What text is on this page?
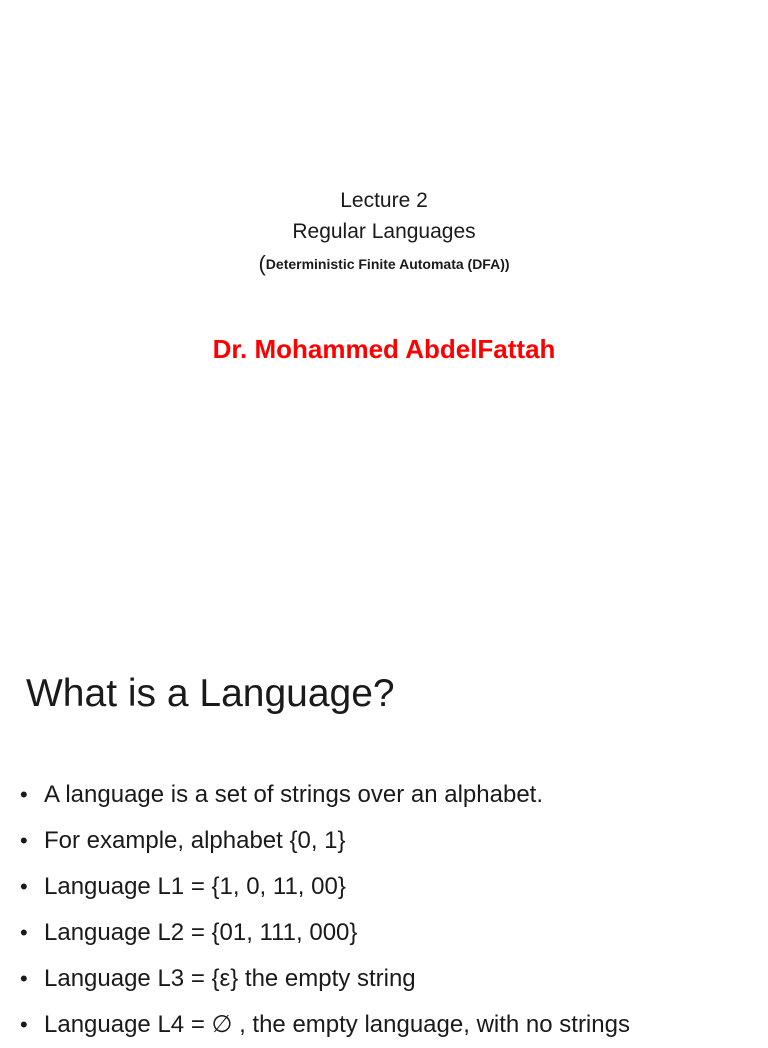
Lecture 2
Regular Languages
(Deterministic Finite Automata (DFA))
Dr. Mohammed AbdelFattah
What is a Language?
• A language is a set of strings over an alphabet.
• For example, alphabet {0, 1}
• Language L1 = {1, 0, 11, 00}
• Language L2 = {01, 111, 000}
• Language L3 = {ε} the empty string
• Language L4 = ∅ , the empty language, with no strings
